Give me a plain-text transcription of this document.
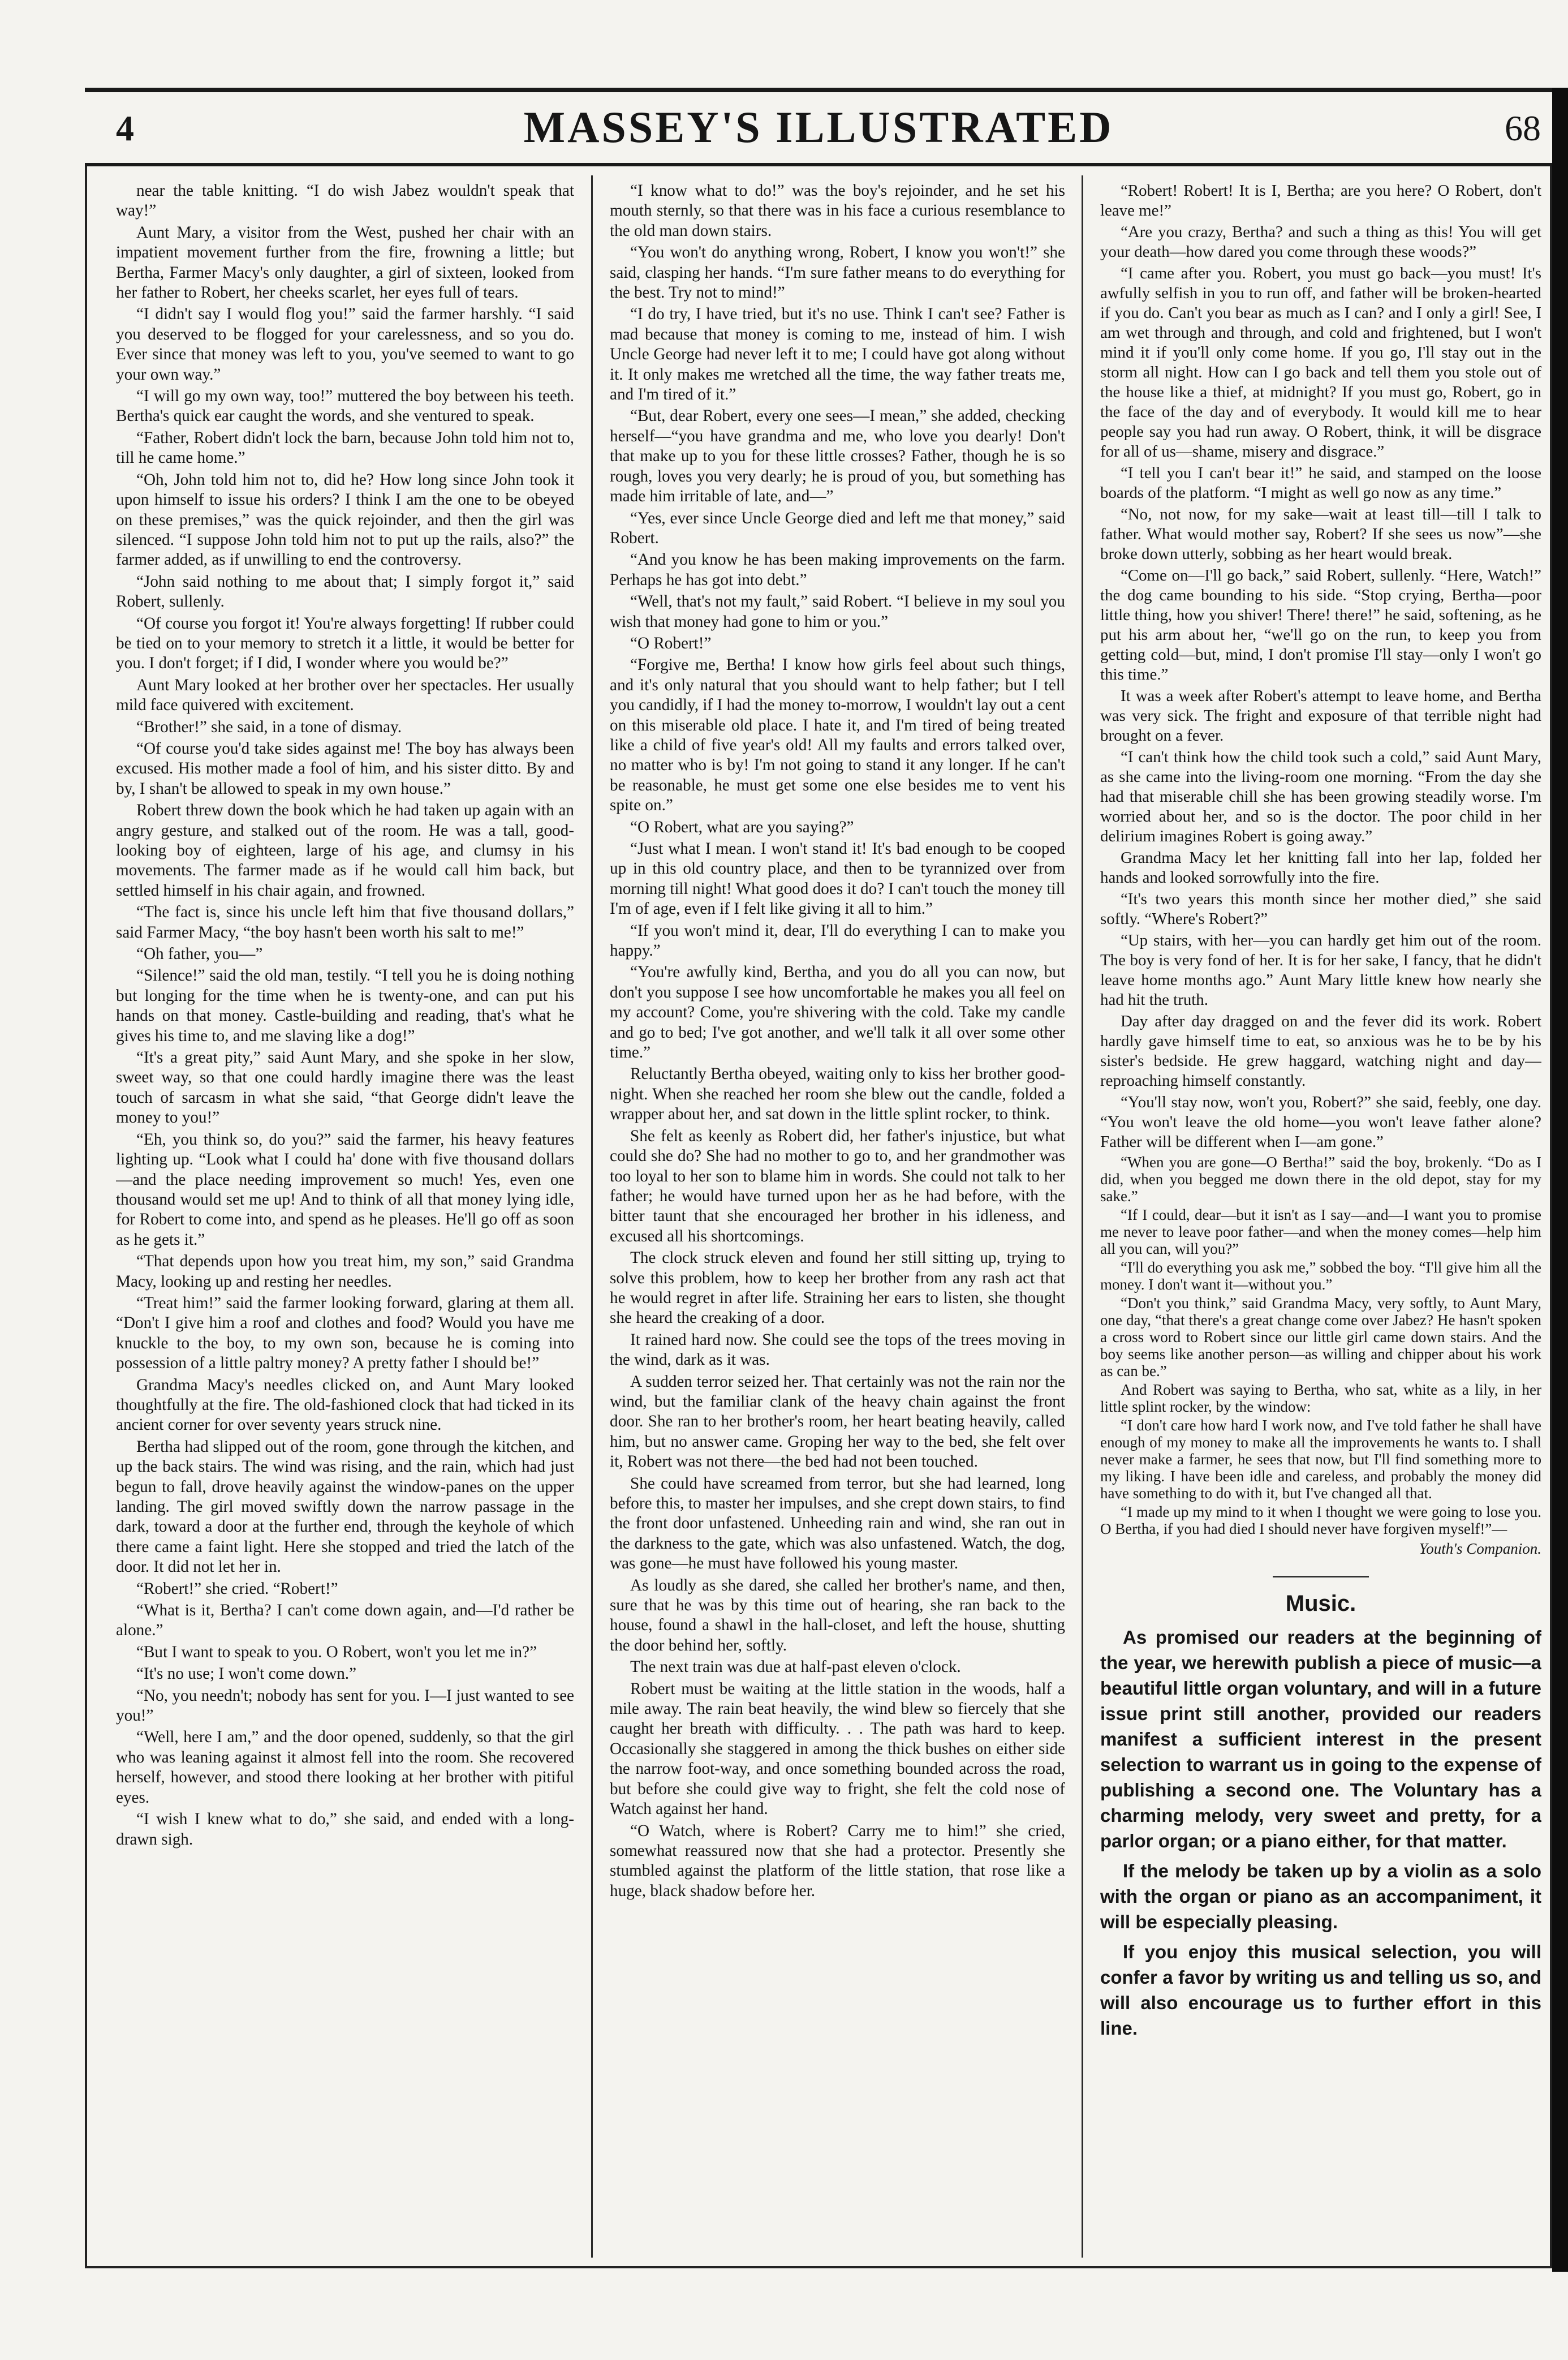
4	MASSEY'S ILLUSTRATED	68

near the table knitting. “I do wish Jabez wouldn't speak that way!”

Aunt Mary, a visitor from the West, pushed her chair with an impatient movement further from the fire, frowning a little; but Bertha, Farmer Macy's only daughter, a girl of sixteen, looked from her father to Robert, her cheeks scarlet, her eyes full of tears.

“I didn't say I would flog you!” said the farmer harshly. “I said you deserved to be flogged for your carelessness, and so you do. Ever since that money was left to you, you've seemed to want to go your own way.”

“I will go my own way, too!” muttered the boy between his teeth. Bertha's quick ear caught the words, and she ventured to speak.

“Father, Robert didn't lock the barn, because John told him not to, till he came home.”

“Oh, John told him not to, did he? How long since John took it upon himself to issue his orders? I think I am the one to be obeyed on these premises,” was the quick rejoinder, and then the girl was silenced. “I suppose John told him not to put up the rails, also?” the farmer added, as if unwilling to end the controversy.

“John said nothing to me about that; I simply forgot it,” said Robert, sullenly.

“Of course you forgot it! You're always forgetting! If rubber could be tied on to your memory to stretch it a little, it would be better for you. I don't forget; if I did, I wonder where you would be?”

Aunt Mary looked at her brother over her spectacles. Her usually mild face quivered with excitement.

“Brother!” she said, in a tone of dismay.

“Of course you'd take sides against me! The boy has always been excused. His mother made a fool of him, and his sister ditto. By and by, I shan't be allowed to speak in my own house.”

Robert threw down the book which he had taken up again with an angry gesture, and stalked out of the room. He was a tall, good-looking boy of eighteen, large of his age, and clumsy in his movements. The farmer made as if he would call him back, but settled himself in his chair again, and frowned.

“The fact is, since his uncle left him that five thousand dollars,” said Farmer Macy, “the boy hasn't been worth his salt to me!”

“Oh father, you—”

“Silence!” said the old man, testily. “I tell you he is doing nothing but longing for the time when he is twenty-one, and can put his hands on that money. Castle-building and reading, that's what he gives his time to, and me slaving like a dog!”

“It's a great pity,” said Aunt Mary, and she spoke in her slow, sweet way, so that one could hardly imagine there was the least touch of sarcasm in what she said, “that George didn't leave the money to you!”

“Eh, you think so, do you?” said the farmer, his heavy features lighting up. “Look what I could ha' done with five thousand dollars—and the place needing improvement so much! Yes, even one thousand would set me up! And to think of all that money lying idle, for Robert to come into, and spend as he pleases. He'll go off as soon as he gets it.”

“That depends upon how you treat him, my son,” said Grandma Macy, looking up and resting her needles.

“Treat him!” said the farmer looking forward, glaring at them all. “Don't I give him a roof and clothes and food? Would you have me knuckle to the boy, to my own son, because he is coming into possession of a little paltry money? A pretty father I should be!”

Grandma Macy's needles clicked on, and Aunt Mary looked thoughtfully at the fire. The old-fashioned clock that had ticked in its ancient corner for over seventy years struck nine.

Bertha had slipped out of the room, gone through the kitchen, and up the back stairs. The wind was rising, and the rain, which had just begun to fall, drove heavily against the window-panes on the upper landing. The girl moved swiftly down the narrow passage in the dark, toward a door at the further end, through the keyhole of which there came a faint light. Here she stopped and tried the latch of the door. It did not let her in.

“Robert!” she cried. “Robert!”

“What is it, Bertha? I can't come down again, and—I'd rather be alone.”

“But I want to speak to you. O Robert, won't you let me in?”

“It's no use; I won't come down.”

“No, you needn't; nobody has sent for you. I—I just wanted to see you!”

“Well, here I am,” and the door opened, suddenly, so that the girl who was leaning against it almost fell into the room. She recovered herself, however, and stood there looking at her brother with pitiful eyes.

“I wish I knew what to do,” she said, and ended with a long-drawn sigh.

“I know what to do!” was the boy's rejoinder, and he set his mouth sternly, so that there was in his face a curious resemblance to the old man down stairs.

“You won't do anything wrong, Robert, I know you won't!” she said, clasping her hands. “I'm sure father means to do everything for the best. Try not to mind!”

“I do try, I have tried, but it's no use. Think I can't see? Father is mad because that money is coming to me, instead of him. I wish Uncle George had never left it to me; I could have got along without it. It only makes me wretched all the time, the way father treats me, and I'm tired of it.”

“But, dear Robert, every one sees—I mean,” she added, checking herself—“you have grandma and me, who love you dearly! Don't that make up to you for these little crosses? Father, though he is so rough, loves you very dearly; he is proud of you, but something has made him irritable of late, and—”

“Yes, ever since Uncle George died and left me that money,” said Robert.

“And you know he has been making improvements on the farm. Perhaps he has got into debt.”

“Well, that's not my fault,” said Robert. “I believe in my soul you wish that money had gone to him or you.”

“O Robert!”

“Forgive me, Bertha! I know how girls feel about such things, and it's only natural that you should want to help father; but I tell you candidly, if I had the money to-morrow, I wouldn't lay out a cent on this miserable old place. I hate it, and I'm tired of being treated like a child of five year's old! All my faults and errors talked over, no matter who is by! I'm not going to stand it any longer. If he can't be reasonable, he must get some one else besides me to vent his spite on.”

“O Robert, what are you saying?”

“Just what I mean. I won't stand it! It's bad enough to be cooped up in this old country place, and then to be tyrannized over from morning till night! What good does it do? I can't touch the money till I'm of age, even if I felt like giving it all to him.”

“If you won't mind it, dear, I'll do everything I can to make you happy.”

“You're awfully kind, Bertha, and you do all you can now, but don't you suppose I see how uncomfortable he makes you all feel on my account? Come, you're shivering with the cold. Take my candle and go to bed; I've got another, and we'll talk it all over some other time.”

Reluctantly Bertha obeyed, waiting only to kiss her brother good-night. When she reached her room she blew out the candle, folded a wrapper about her, and sat down in the little splint rocker, to think.

She felt as keenly as Robert did, her father's injustice, but what could she do? She had no mother to go to, and her grandmother was too loyal to her son to blame him in words. She could not talk to her father; he would have turned upon her as he had before, with the bitter taunt that she encouraged her brother in his idleness, and excused all his shortcomings.

The clock struck eleven and found her still sitting up, trying to solve this problem, how to keep her brother from any rash act that he would regret in after life. Straining her ears to listen, she thought she heard the creaking of a door.

It rained hard now. She could see the tops of the trees moving in the wind, dark as it was.

A sudden terror seized her. That certainly was not the rain nor the wind, but the familiar clank of the heavy chain against the front door. She ran to her brother's room, her heart beating heavily, called him, but no answer came. Groping her way to the bed, she felt over it, Robert was not there—the bed had not been touched.

She could have screamed from terror, but she had learned, long before this, to master her impulses, and she crept down stairs, to find the front door unfastened. Unheeding rain and wind, she ran out in the darkness to the gate, which was also unfastened. Watch, the dog, was gone—he must have followed his young master.

As loudly as she dared, she called her brother's name, and then, sure that he was by this time out of hearing, she ran back to the house, found a shawl in the hall-closet, and left the house, shutting the door behind her, softly.

The next train was due at half-past eleven o'clock.

Robert must be waiting at the little station in the woods, half a mile away. The rain beat heavily, the wind blew so fiercely that she caught her breath with difficulty. . . The path was hard to keep. Occasionally she staggered in among the thick bushes on either side the narrow foot-way, and once something bounded across the road, but before she could give way to fright, she felt the cold nose of Watch against her hand.

“O Watch, where is Robert? Carry me to him!” she cried, somewhat reassured now that she had a protector. Presently she stumbled against the platform of the little station, that rose like a huge, black shadow before her.

“Robert! Robert! It is I, Bertha; are you here? O Robert, don't leave me!”

“Are you crazy, Bertha? and such a thing as this! You will get your death—how dared you come through these woods?”

“I came after you. Robert, you must go back—you must! It's awfully selfish in you to run off, and father will be broken-hearted if you do. Can't you bear as much as I can? and I only a girl! See, I am wet through and through, and cold and frightened, but I won't mind it if you'll only come home. If you go, I'll stay out in the storm all night. How can I go back and tell them you stole out of the house like a thief, at midnight? If you must go, Robert, go in the face of the day and of everybody. It would kill me to hear people say you had run away. O Robert, think, it will be disgrace for all of us—shame, misery and disgrace.”

“I tell you I can't bear it!” he said, and stamped on the loose boards of the platform. “I might as well go now as any time.”

“No, not now, for my sake—wait at least till—till I talk to father. What would mother say, Robert? If she sees us now”—she broke down utterly, sobbing as her heart would break.

“Come on—I'll go back,” said Robert, sullenly. “Here, Watch!” the dog came bounding to his side. “Stop crying, Bertha—poor little thing, how you shiver! There! there!” he said, softening, as he put his arm about her, “we'll go on the run, to keep you from getting cold—but, mind, I don't promise I'll stay—only I won't go this time.”

It was a week after Robert's attempt to leave home, and Bertha was very sick. The fright and exposure of that terrible night had brought on a fever.

“I can't think how the child took such a cold,” said Aunt Mary, as she came into the living-room one morning. “From the day she had that miserable chill she has been growing steadily worse. I'm worried about her, and so is the doctor. The poor child in her delirium imagines Robert is going away.”

Grandma Macy let her knitting fall into her lap, folded her hands and looked sorrowfully into the fire.

“It's two years this month since her mother died,” she said softly. “Where's Robert?”

“Up stairs, with her—you can hardly get him out of the room. The boy is very fond of her. It is for her sake, I fancy, that he didn't leave home months ago.” Aunt Mary little knew how nearly she had hit the truth.

Day after day dragged on and the fever did its work. Robert hardly gave himself time to eat, so anxious was he to be by his sister's bedside. He grew haggard, watching night and day—reproaching himself constantly.

“You'll stay now, won't you, Robert?” she said, feebly, one day. “You won't leave the old home—you won't leave father alone? Father will be different when I—am gone.”

“When you are gone—O Bertha!” said the boy, brokenly. “Do as I did, when you begged me down there in the old depot, stay for my sake.”

“If I could, dear—but it isn't as I say—and—I want you to promise me never to leave poor father—and when the money comes—help him all you can, will you?”

“I'll do everything you ask me,” sobbed the boy. “I'll give him all the money. I don't want it—without you.”

“Don't you think,” said Grandma Macy, very softly, to Aunt Mary, one day, “that there's a great change come over Jabez? He hasn't spoken a cross word to Robert since our little girl came down stairs. And the boy seems like another person—as willing and chipper about his work as can be.”

And Robert was saying to Bertha, who sat, white as a lily, in her little splint rocker, by the window:

“I don't care how hard I work now, and I've told father he shall have enough of my money to make all the improvements he wants to. I shall never make a farmer, he sees that now, but I'll find something more to my liking. I have been idle and careless, and probably the money did have something to do with it, but I've changed all that.

“I made up my mind to it when I thought we were going to lose you. O Bertha, if you had died I should never have forgiven myself!”—

Youth's Companion.

Music.

As promised our readers at the beginning of the year, we herewith publish a piece of music—a beautiful little organ voluntary, and will in a future issue print still another, provided our readers manifest a sufficient interest in the present selection to warrant us in going to the expense of publishing a second one. The Voluntary has a charming melody, very sweet and pretty, for a parlor organ; or a piano either, for that matter.

If the melody be taken up by a violin as a solo with the organ or piano as an accompaniment, it will be especially pleasing.

If you enjoy this musical selection, you will confer a favor by writing us and telling us so, and will also encourage us to further effort in this line.
